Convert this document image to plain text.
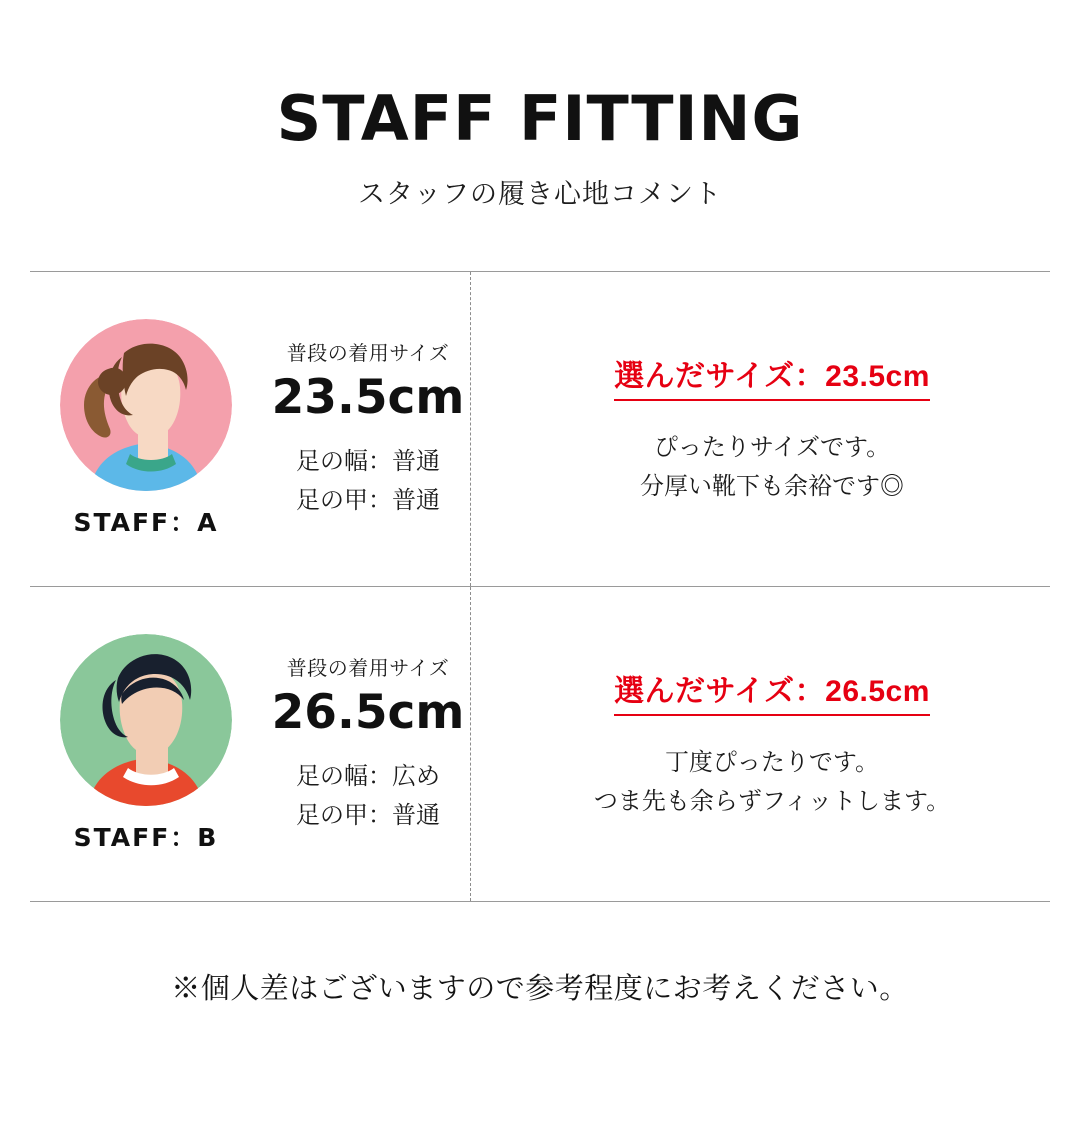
STAFF FITTING
スタッフの履き心地コメント
STAFF：A
普段の着用サイズ
23.5cm
足の幅：普通
足の甲：普通
選んだサイズ：23.5cm
ぴったりサイズです。
分厚い靴下も余裕です◎
STAFF：B
普段の着用サイズ
26.5cm
足の幅：広め
足の甲：普通
選んだサイズ：26.5cm
丁度ぴったりです。
つま先も余らずフィットします。
※個人差はございますので参考程度にお考えください。
